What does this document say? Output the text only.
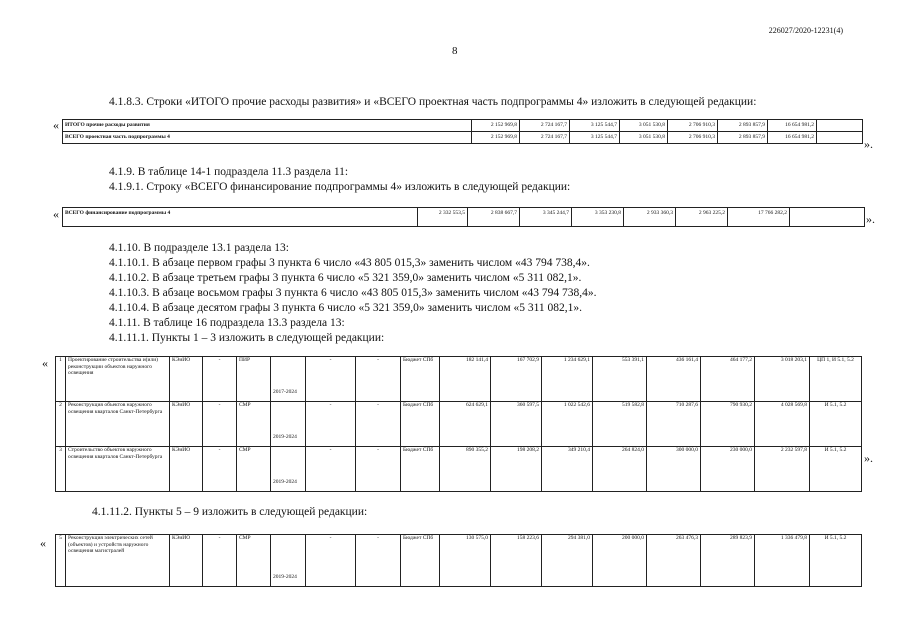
226027/2020-12231(4)
8
4.1.8.3. Строки «ИТОГО прочие расходы развития» и «ВСЕГО проектная часть подпрограммы 4» изложить в следующей редакции:
« ИТОГО прочие расходы развития	2 152 969,8	2 724 167,7	3 125 544,7	3 051 530,8	2 706 910,3	2 893 857,9	16 654 981,2	
ВСЕГО проектная часть подпрограммы 4	2 152 969,8	2 724 167,7	3 125 544,7	3 051 530,8	2 706 910,3	2 893 857,9	16 654 981,2		».
4.1.9. В таблице 14-1 подраздела 11.3 раздела 11:
4.1.9.1. Строку «ВСЕГО финансирование подпрограммы 4» изложить в следующей редакции:
« ВСЕГО финансирование подпрограммы 4	2 332 553,5	2 838 667,7	3 345 244,7	3 353 230,8	2 933 360,3	2 963 225,2	17 766 282,2		».
4.1.10. В подразделе 13.1 раздела 13:
4.1.10.1. В абзаце первом графы 3 пункта 6 число «43 805 015,3» заменить числом «43 794 738,4».
4.1.10.2. В абзаце третьем графы 3 пункта 6 число «5 321 359,0» заменить числом «5 311 082,1».
4.1.10.3. В абзаце восьмом графы 3 пункта 6 число «43 805 015,3» заменить числом «43 794 738,4».
4.1.10.4. В абзаце десятом графы 3 пункта 6 число «5 321 359,0» заменить числом «5 311 082,1».
4.1.11. В таблице 16 подраздела 13.3 раздела 13:
4.1.11.1. Пункты 1 – 3 изложить в следующей редакции:
« 1	Проектирование строительства и(или) реконструкции объектов наружного освещения	КЭиИО	-	ПИР	2017-2024	-	-	Бюджет СПб	182 141,4	167 702,9	1 234 629,1	553 391,1	436 161,4	464 177,2	3 018 203,1	ЦП 1, И 5.1, 5.2
2	Реконструкция объектов наружного освещения кварталов Санкт-Петербурга	КЭиИО	-	СМР	2019-2024	-	-	Бюджет СПб	624 629,1	360 597,5	1 022 542,6	519 582,8	710 287,6	790 930,2	4 028 569,8	И 5.1, 5.2
3	Строительство объектов наружного освещения кварталов Санкт-Петербурга	КЭиИО	-	СМР	2019-2024	-	-	Бюджет СПб	890 355,2	198 208,2	349 210,4	264 824,0	300 000,0	230 000,0	2 232 597,8	И 5.1, 5.2
».
4.1.11.2. Пункты 5 – 9 изложить в следующей редакции:
« 5	Реконструкция электрических сетей (объектов) и устройств наружного освещения магистралей	КЭиИО	-	СМР	2019-2024	-	-	Бюджет СПб	130 575,0	158 223,6	294 381,0	200 000,0	263 476,3	289 823,9	1 336 479,8	И 5.1, 5.2
